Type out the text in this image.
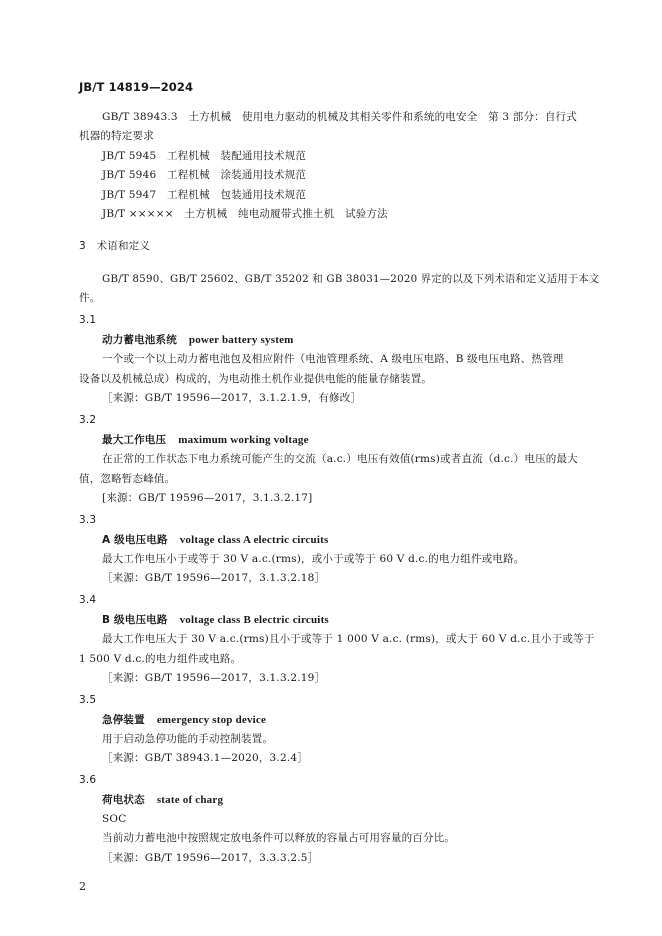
JB/T 14819—2024
GB/T 38943.3　土方机械　使用电力驱动的机械及其相关零件和系统的电安全　第 3 部分：自行式
机器的特定要求
JB/T 5945　工程机械　装配通用技术规范
JB/T 5946　工程机械　涂装通用技术规范
JB/T 5947　工程机械　包装通用技术规范
JB/T ×××××　土方机械　纯电动履带式推土机　试验方法
3　术语和定义
GB/T 8590、GB/T 25602、GB/T 35202 和 GB 38031—2020 界定的以及下列术语和定义适用于本文
件。
3.1
动力蓄电池系统 power battery system
一个或一个以上动力蓄电池包及相应附件（电池管理系统、A 级电压电路、B 级电压电路、热管理
设备以及机械总成）构成的，为电动推土机作业提供电能的能量存储装置。
［来源：GB/T 19596—2017，3.1.2.1.9，有修改］
3.2
最大工作电压 maximum working voltage
在正常的工作状态下电力系统可能产生的交流（a.c.）电压有效值(rms)或者直流（d.c.）电压的最大
值，忽略暂态峰值。
[来源：GB/T 19596—2017，3.1.3.2.17]
3.3
A 级电压电路 voltage class A electric circuits
最大工作电压小于或等于 30 V a.c.(rms)，或小于或等于 60 V d.c.的电力组件或电路。
［来源：GB/T 19596—2017，3.1.3.2.18］
3.4
B 级电压电路 voltage class B electric circuits
最大工作电压大于 30 V a.c.(rms)且小于或等于 1 000 V a.c. (rms)，或大于 60 V d.c.且小于或等于
1 500 V d.c.的电力组件或电路。
［来源：GB/T 19596—2017，3.1.3.2.19］
3.5
急停装置 emergency stop device
用于启动急停功能的手动控制装置。
［来源：GB/T 38943.1—2020，3.2.4］
3.6
荷电状态 state of charg
SOC
当前动力蓄电池中按照规定放电条件可以释放的容量占可用容量的百分比。
［来源：GB/T 19596—2017，3.3.3.2.5］
2
